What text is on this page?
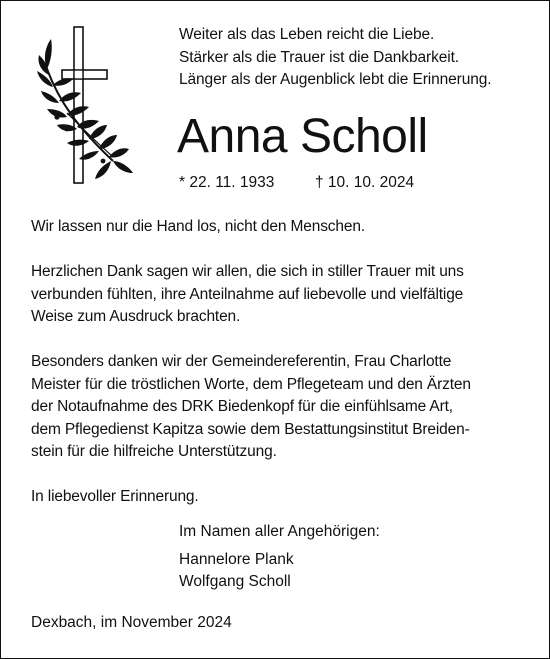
Weiter als das Leben reicht die Liebe.
Stärker als die Trauer ist die Dankbarkeit.
Länger als der Augenblick lebt die Erinnerung.
Anna Scholl
* 22. 11. 1933	† 10. 10. 2024

Wir lassen nur die Hand los, nicht den Menschen.

Herzlichen Dank sagen wir allen, die sich in stiller Trauer mit uns
verbunden fühlten, ihre Anteilnahme auf liebevolle und vielfältige
Weise zum Ausdruck brachten.

Besonders danken wir der Gemeindereferentin, Frau Charlotte
Meister für die tröstlichen Worte, dem Pflegeteam und den Ärzten
der Notaufnahme des DRK Biedenkopf für die einfühlsame Art,
dem Pflegedienst Kapitza sowie dem Bestattungsinstitut Breiden-
stein für die hilfreiche Unterstützung.

In liebevoller Erinnerung.

Im Namen aller Angehörigen:
Hannelore Plank
Wolfgang Scholl
Dexbach, im November 2024
